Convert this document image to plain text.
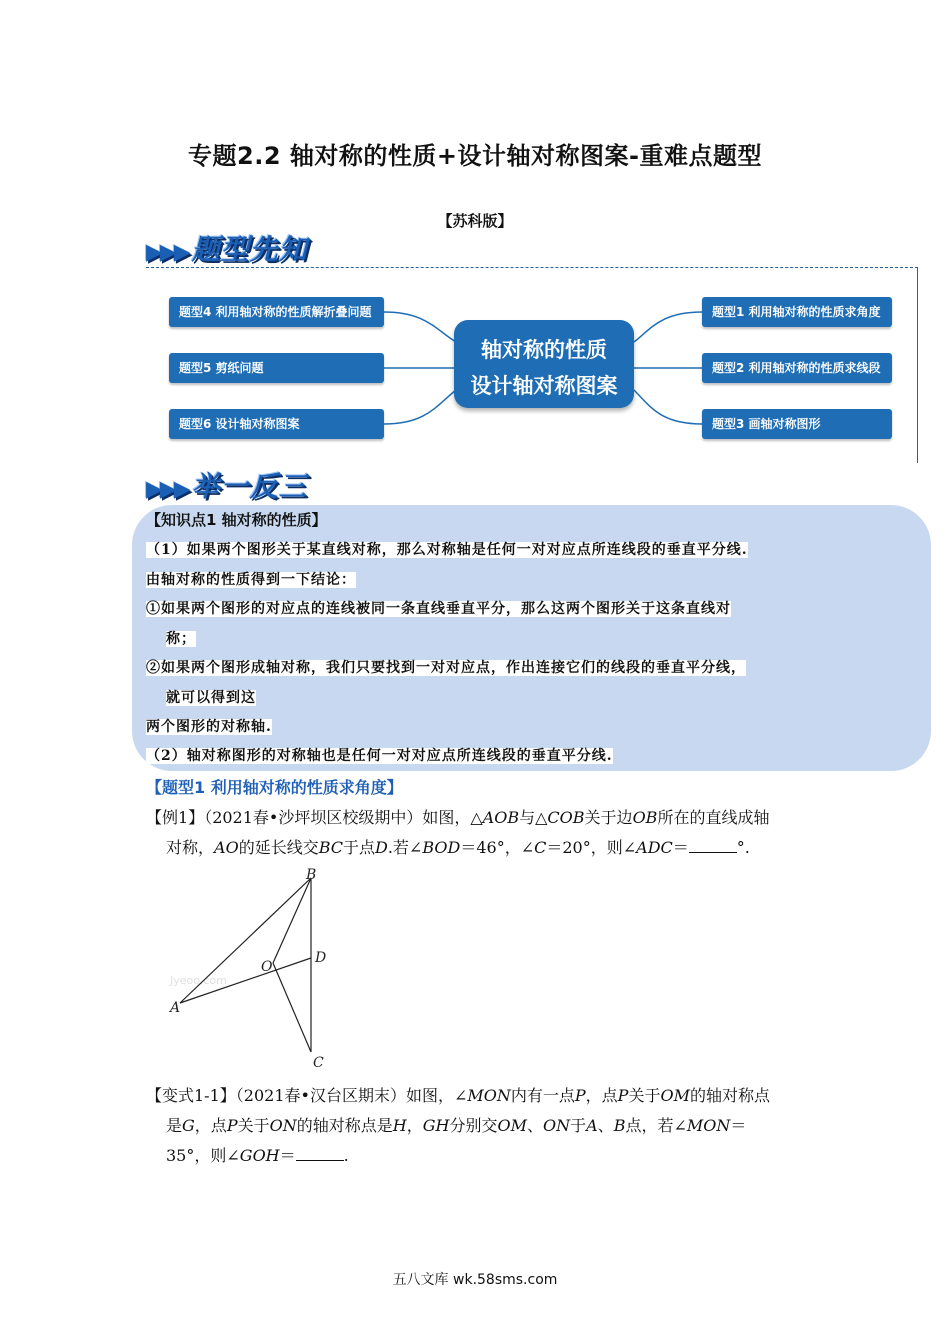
专题2.2 轴对称的性质+设计轴对称图案-重难点题型
【苏科版】
▶▶▶ 题型先知
轴对称的性质
设计轴对称图案
题型4 利用轴对称的性质解折叠问题
题型5 剪纸问题
题型6 设计轴对称图案
题型1 利用轴对称的性质求角度
题型2 利用轴对称的性质求线段
题型3 画轴对称图形
▶▶▶ 举一反三
【知识点1 轴对称的性质】
（1）如果两个图形关于某直线对称，那么对称轴是任何一对对应点所连线段的垂直平分线.
由轴对称的性质得到一下结论：
①如果两个图形的对应点的连线被同一条直线垂直平分，那么这两个图形关于这条直线对
称；
②如果两个图形成轴对称，我们只要找到一对对应点，作出连接它们的线段的垂直平分线，
就可以得到这
两个图形的对称轴.
（2）轴对称图形的对称轴也是任何一对对应点所连线段的垂直平分线.
【题型1 利用轴对称的性质求角度】
【例1】（2021春•沙坪坝区校级期中）如图，△AOB与△COB关于边OB所在的直线成轴
对称，AO的延长线交BC于点D.若∠BOD＝46°，∠C＝20°，则∠ADC＝	°.
Jyeoo.com
B
O
D
A
C
【变式1-1】（2021春•汉台区期末）如图，∠MON内有一点P，点P关于OM的轴对称点
是G，点P关于ON的轴对称点是H，GH分别交OM、ON于A、B点，若∠MON＝
35°，则∠GOH＝	.
五八文库 wk.58sms.com
